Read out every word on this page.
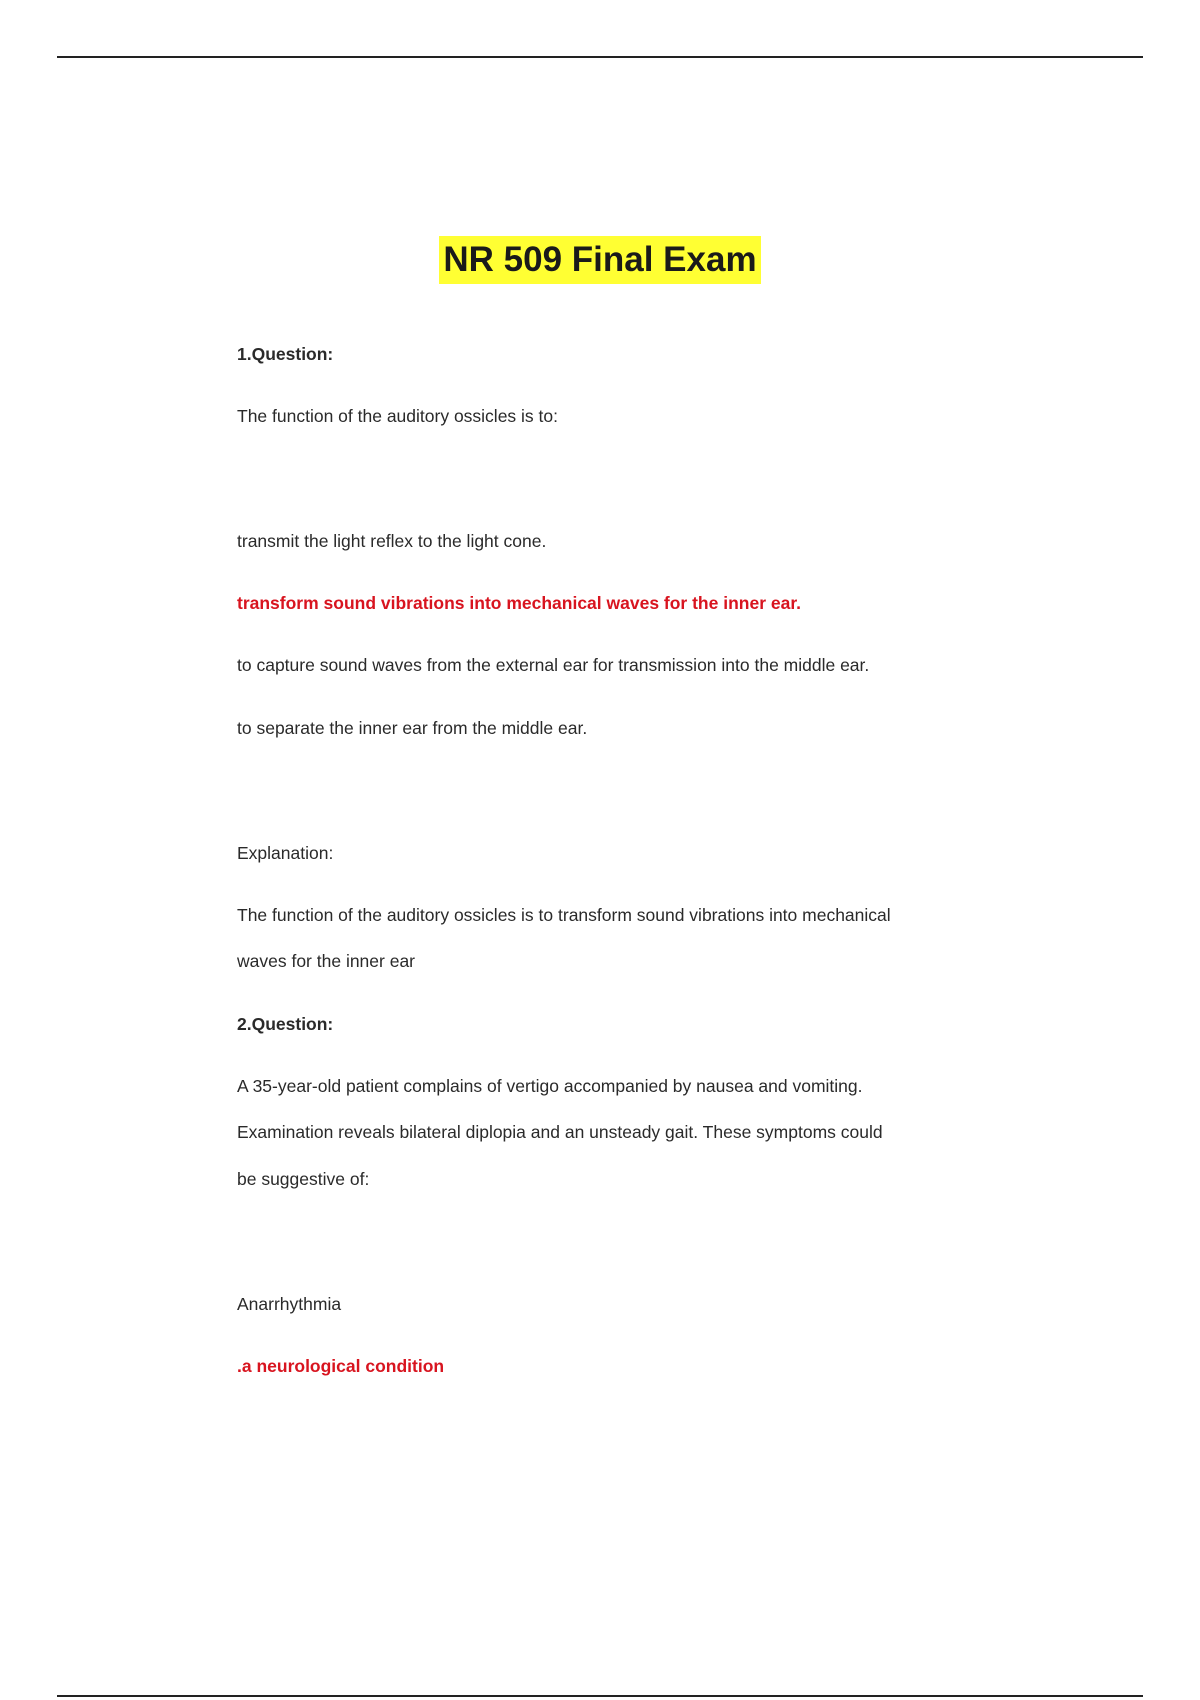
NR 509 Final Exam
1.Question:
The function of the auditory ossicles is to:
transmit the light reflex to the light cone.
transform sound vibrations into mechanical waves for the inner ear.
to capture sound waves from the external ear for transmission into the middle ear.
to separate the inner ear from the middle ear.
Explanation:
The function of the auditory ossicles is to transform sound vibrations into mechanical
waves for the inner ear
2.Question:
A 35-year-old patient complains of vertigo accompanied by nausea and vomiting.
Examination reveals bilateral diplopia and an unsteady gait. These symptoms could
be suggestive of:
Anarrhythmia
.a neurological condition
